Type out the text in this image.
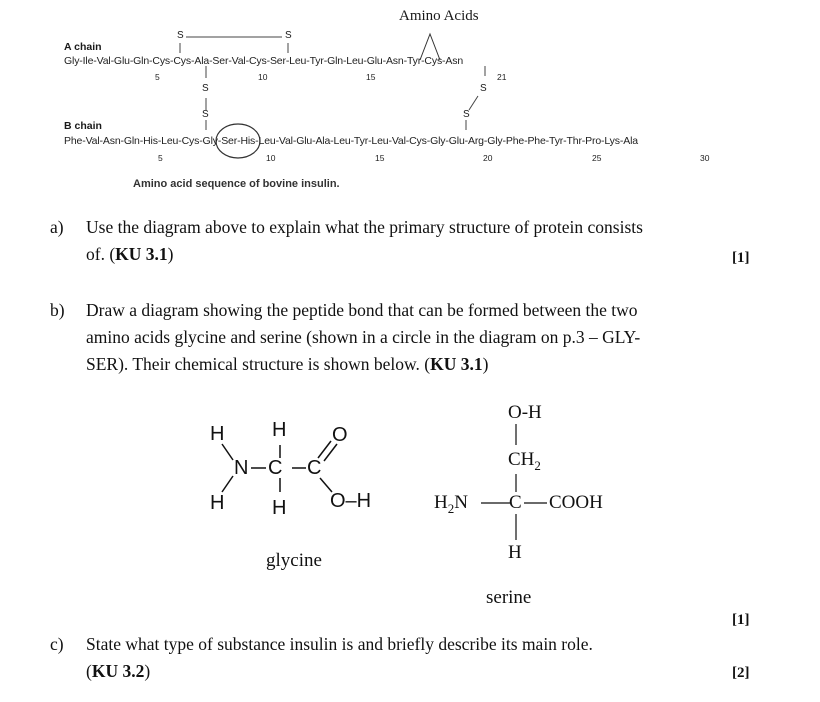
Amino Acids
A chain
S	S
Gly-Ile-Val-Glu-Gln-Cys-Cys-Ala-Ser-Val-Cys-Ser-Leu-Tyr-Gln-Leu-Glu-Asn-Tyr-Cys-Asn
5	10	15	21
S	S
S	S
B chain
Phe-Val-Asn-Gln-His-Leu-Cys-Gly-Ser-His-Leu-Val-Glu-Ala-Leu-Tyr-Leu-Val-Cys-Gly-Glu-Arg-Gly-Phe-Phe-Tyr-Thr-Pro-Lys-Ala
5	10	15	20	25	30
Amino acid sequence of bovine insulin.
a) Use the diagram above to explain what the primary structure of protein consists
of. (KU 3.1)	[1]
b) Draw a diagram showing the peptide bond that can be formed between the two
amino acids glycine and serine (shown in a circle in the diagram on p.3 – GLY-
SER). Their chemical structure is shown below. (KU 3.1)
H H O
N C C
H H O–H
glycine
O-H
$CH_2$
$H_2N$ C COOH
H
serine
[1]
c) State what type of substance insulin is and briefly describe its main role.
(KU 3.2)	[2]
